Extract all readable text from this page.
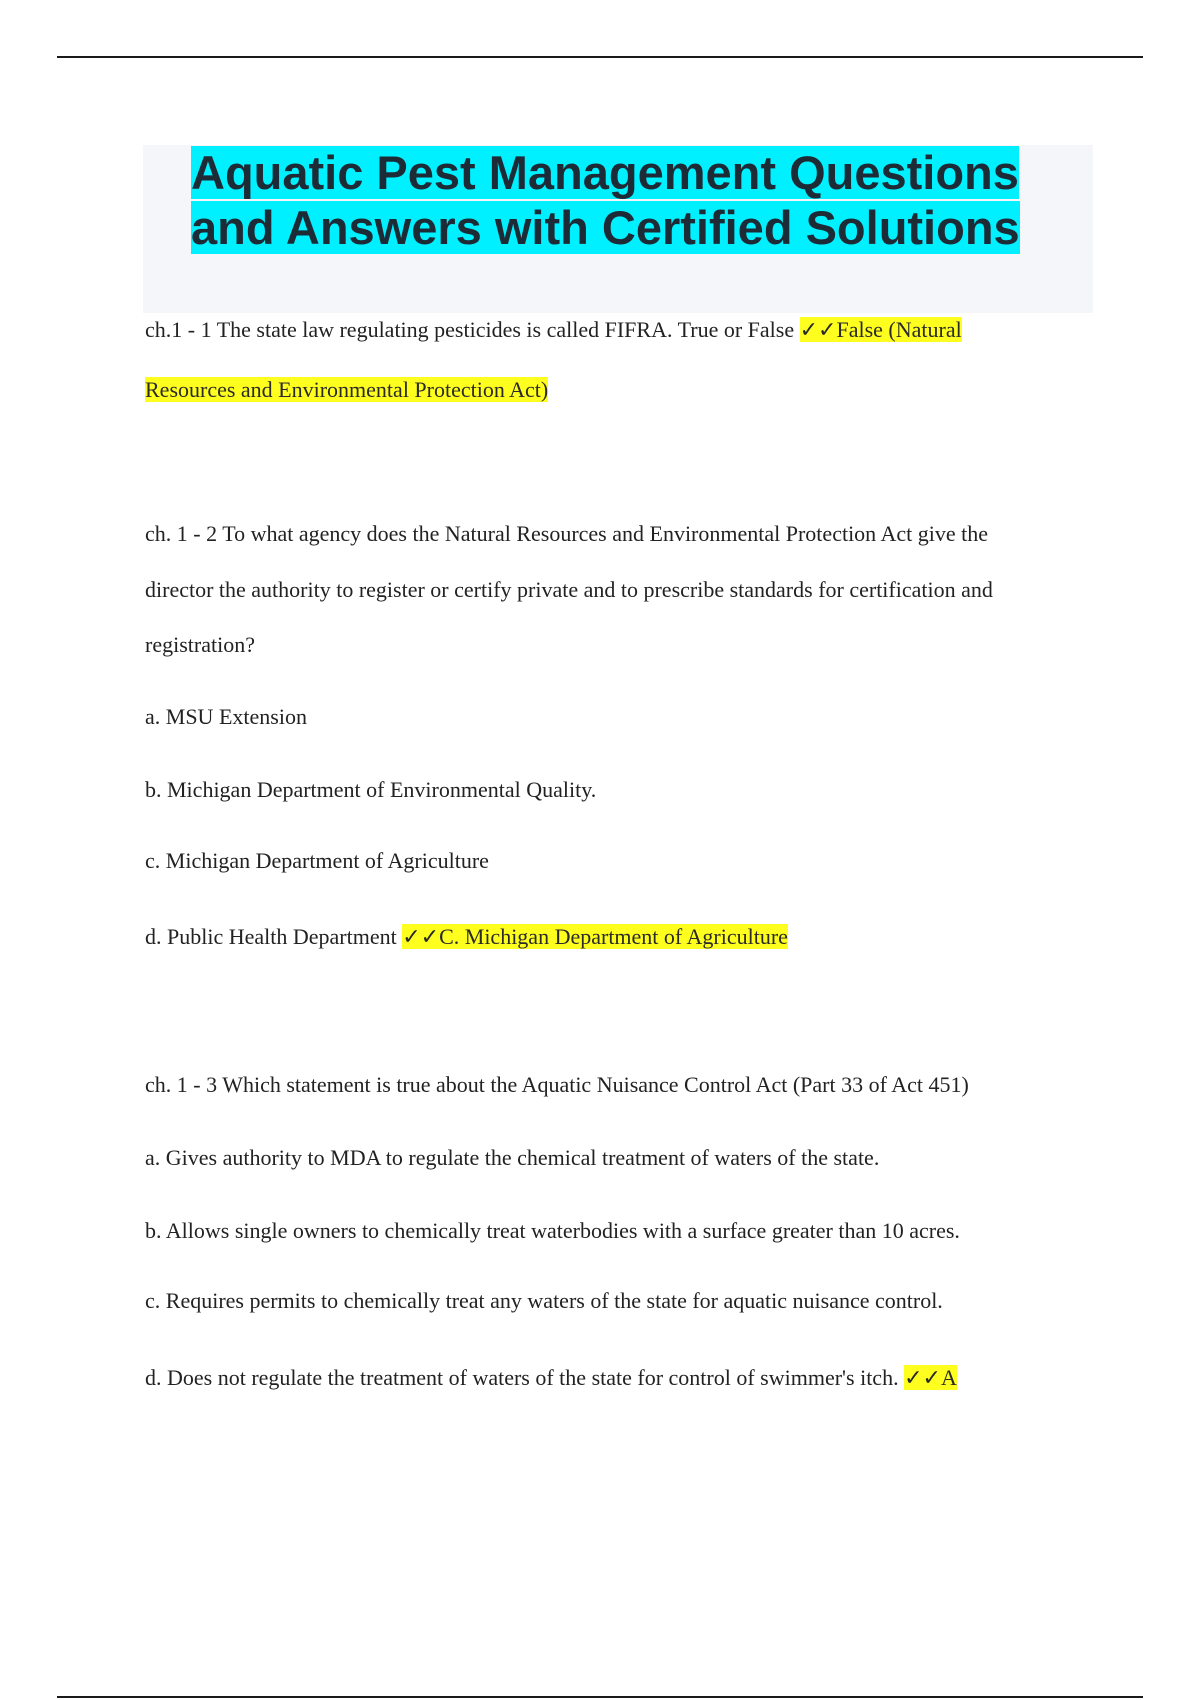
Aquatic Pest Management Questions
and Answers with Certified Solutions
ch.1 - 1 The state law regulating pesticides is called FIFRA. True or False ✓✓False (Natural
Resources and Environmental Protection Act)
ch. 1 - 2 To what agency does the Natural Resources and Environmental Protection Act give the
director the authority to register or certify private and to prescribe standards for certification and
registration?
a. MSU Extension
b. Michigan Department of Environmental Quality.
c. Michigan Department of Agriculture
d. Public Health Department ✓✓C. Michigan Department of Agriculture
ch. 1 - 3 Which statement is true about the Aquatic Nuisance Control Act (Part 33 of Act 451)
a. Gives authority to MDA to regulate the chemical treatment of waters of the state.
b. Allows single owners to chemically treat waterbodies with a surface greater than 10 acres.
c. Requires permits to chemically treat any waters of the state for aquatic nuisance control.
d. Does not regulate the treatment of waters of the state for control of swimmer's itch. ✓✓A
